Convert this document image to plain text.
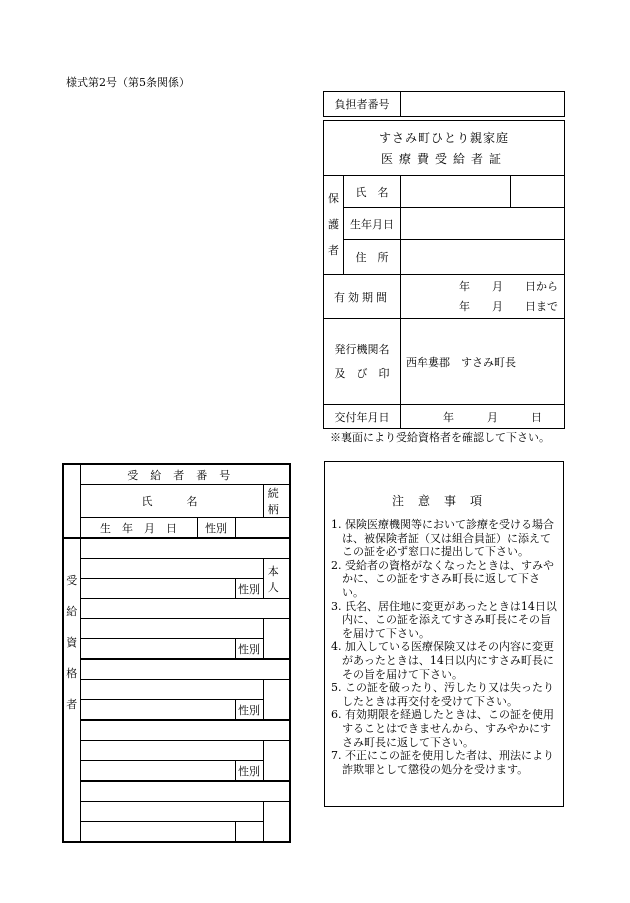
様式第2号（第5条関係）
負担者番号	
すさみ町ひとり親家庭
医療費受給者証			

保
護
者	氏　名		
	生年月日		
	住　所		
有効期間		年　　月　　日から
年　　月　　日まで	

発行機関名
及　び　印		西牟婁郡　すさみ町長	
交付年月日		年　　　月　　　日	
※裏面により受給資格者を確認して下さい。
	受給者番号			
	氏　　名			続柄
	生　年　月　日	性別		

受
給
資
格
者				

				本　人
			性別	

			性別	

			性別	

			性別	

注意事項
1. 保険医療機関等において診療を受ける場合は、被保険者証（又は組合員証）に添えてこの証を必ず窓口に提出して下さい。
2. 受給者の資格がなくなったときは、すみやかに、この証をすさみ町長に返して下さい。
3. 氏名、居住地に変更があったときは14日以内に、この証を添えてすさみ町長にその旨を届けて下さい。
4. 加入している医療保険又はその内容に変更があったときは、14日以内にすさみ町長にその旨を届けて下さい。
5. この証を破ったり、汚したり又は失ったりしたときは再交付を受けて下さい。
6. 有効期限を経過したときは、この証を使用することはできませんから、すみやかにすさみ町長に返して下さい。
7. 不正にこの証を使用した者は、刑法により詐欺罪として懲役の処分を受けます。
